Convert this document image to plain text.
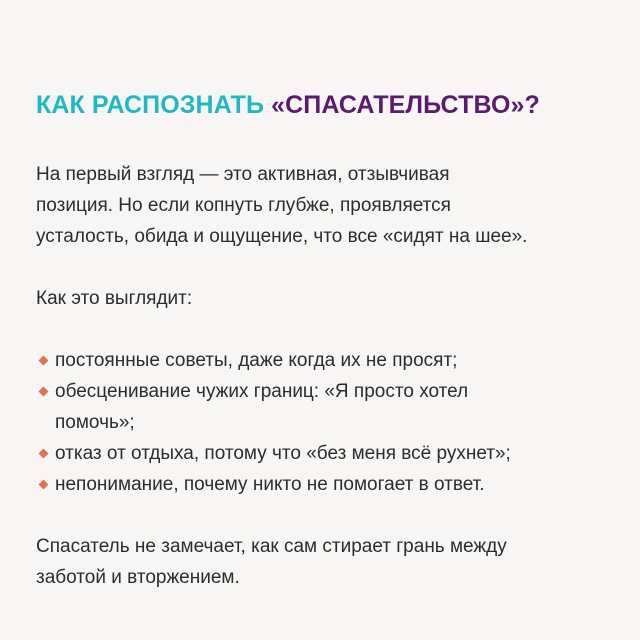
КАК РАСПОЗНАТЬ «СПАСАТЕЛЬСТВО»?

На первый взгляд — это активная, отзывчивая
позиция. Но если копнуть глубже, проявляется
усталость, обида и ощущение, что все «сидят на шее».

Как это выглядит:

постоянные советы, даже когда их не просят;
обесценивание чужих границ: «Я просто хотел
помочь»;
отказ от отдыха, потому что «без меня всё рухнет»;
непонимание, почему никто не помогает в ответ.

Спасатель не замечает, как сам стирает грань между
заботой и вторжением.
